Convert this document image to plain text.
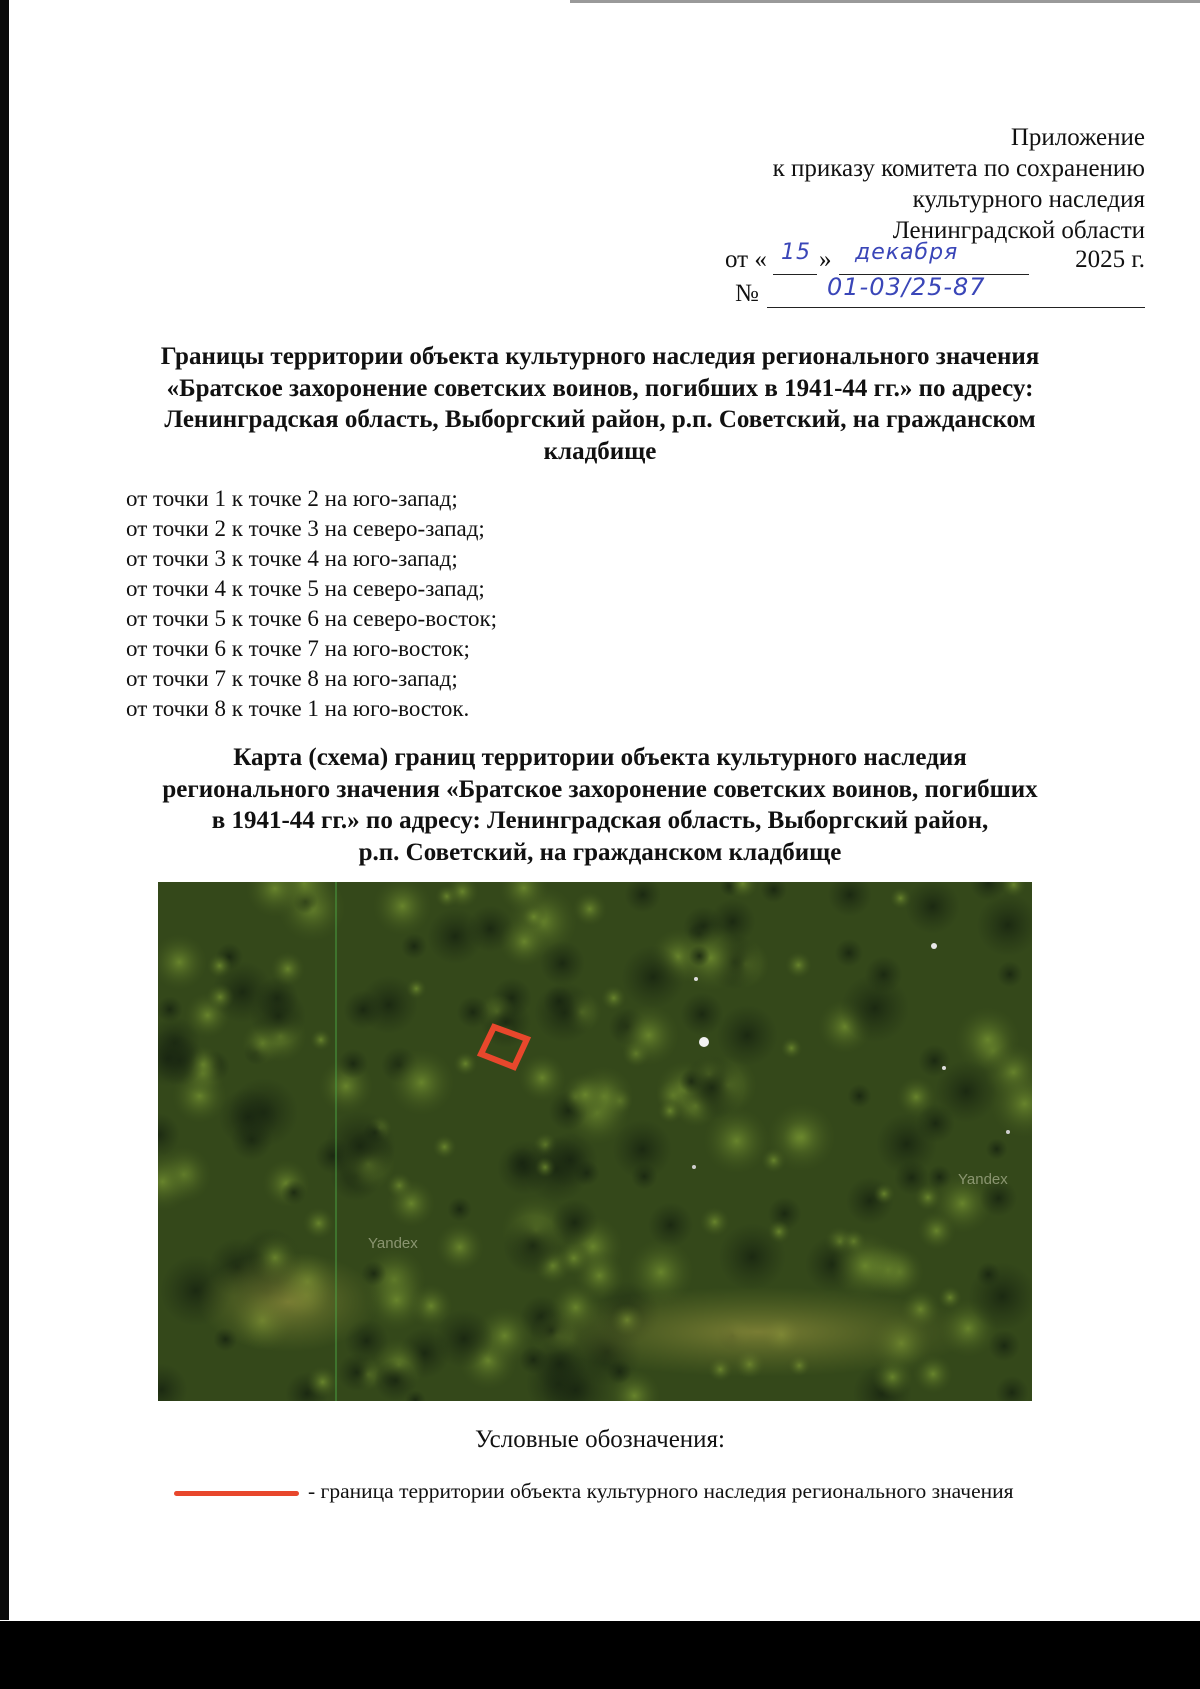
Приложение
к приказу комитета по сохранению
культурного наследия
Ленинградской области
от « 15 » декабря	2025 г.
№	01-03/25-87
Границы территории объекта культурного наследия регионального значения «Братское захоронение советских воинов, погибших в 1941-44 гг.» по адресу: Ленинградская область, Выборгский район, р.п. Советский, на гражданском кладбище
от точки 1 к точке 2 на юго-запад;
от точки 2 к точке 3 на северо-запад;
от точки 3 к точке 4 на юго-запад;
от точки 4 к точке 5 на северо-запад;
от точки 5 к точке 6 на северо-восток;
от точки 6 к точке 7 на юго-восток;
от точки 7 к точке 8 на юго-запад;
от точки 8 к точке 1 на юго-восток.
Карта (схема) границ территории объекта культурного наследия
регионального значения «Братское захоронение советских воинов, погибших
в 1941-44 гг.» по адресу: Ленинградская область, Выборгский район,
р.п. Советский, на гражданском кладбище
Yandex
Yandex
Условные обозначения:
- граница территории объекта культурного наследия регионального значения
